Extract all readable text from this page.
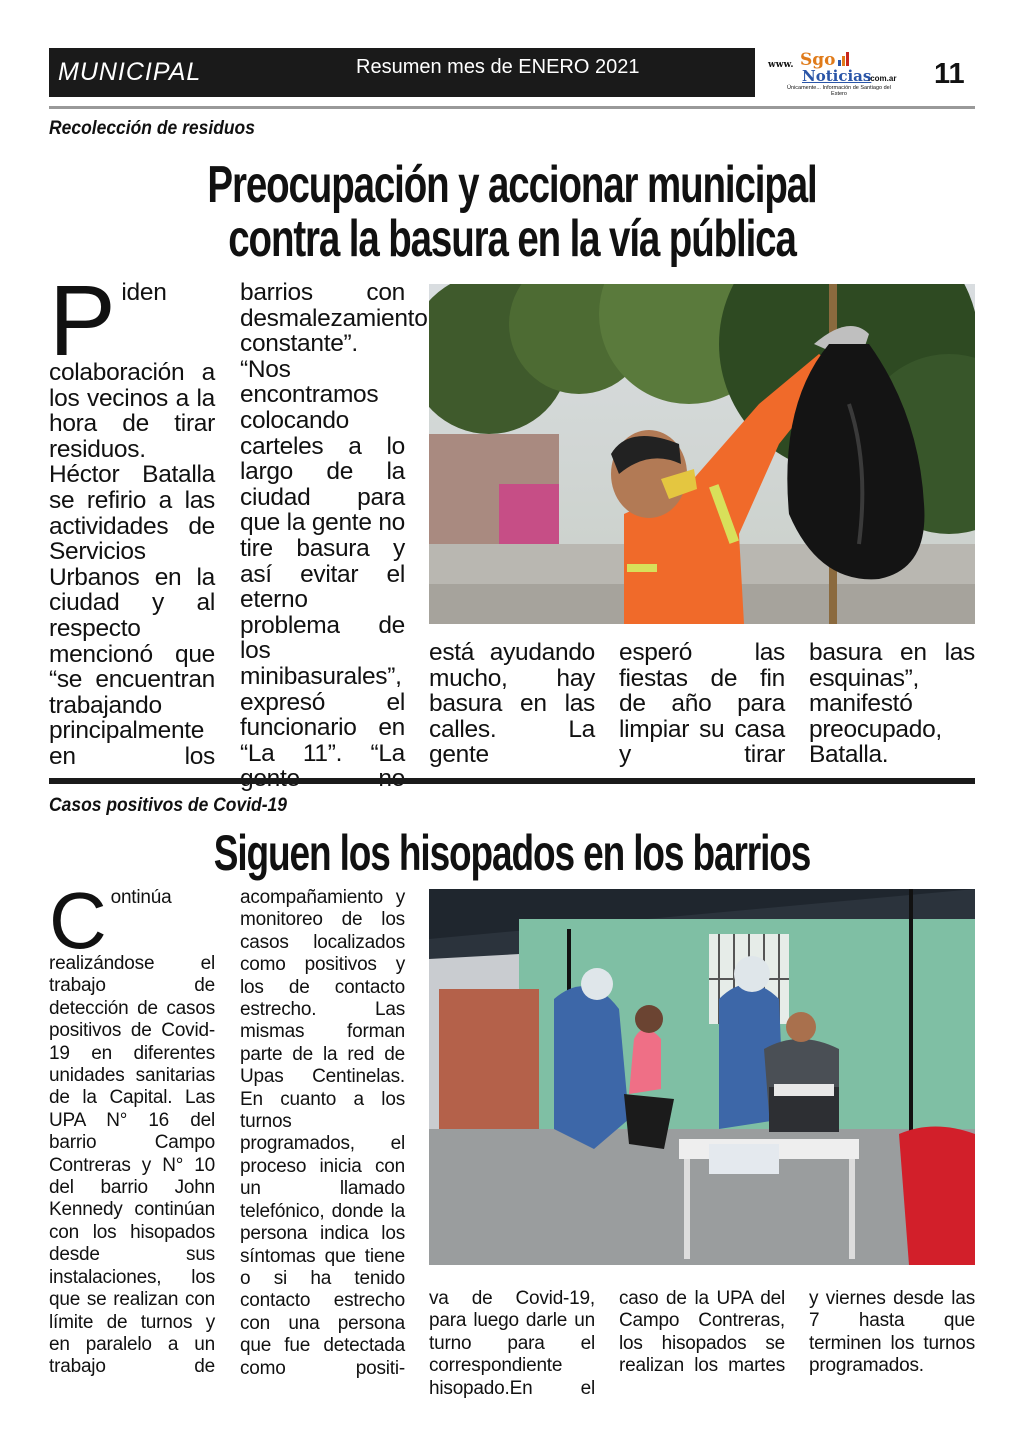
MUNICIPAL	Resumen mes de ENERO 2021	www. Sgo
Noticias
.com.ar
Únicamente... Información de Santiago del Estero
11
Recolección de residuos
Preocupación y accionar municipal
contra la basura en la vía pública
P iden colaboración a los vecinos a la hora de tirar residuos. Héctor Batalla se refirio a las actividades de Servicios Urbanos en la ciudad y al respecto mencionó que “se encuentran trabajando principalmente en los
barrios con desmalezamiento constante”. “Nos encontramos colocando carteles a lo largo de la ciudad para que la gente no tire basura y así evitar el eterno problema de los minibasurales”, expresó el funcionario en “La 11”. “La
está ayudando mucho, hay basura en las calles. La gente
esperó las fiestas de fin de año para limpiar su casa y tirar
basura en las esquinas”, manifestó preocupado, Batalla.
Casos positivos de Covid-19
Siguen los hisopados en los barrios
C ontinúa realizándose el trabajo de detección de casos positivos de Covid-19 en diferentes unidades sanitarias de la Capital. Las UPA N° 16 del barrio Campo Contreras y N° 10 del barrio John Kennedy continúan con los hisopados desde sus instalaciones, los que se realizan con límite de turnos y en paralelo a un trabajo de
acompañamiento y monitoreo de los casos localizados como positivos y los de contacto estrecho. Las mismas forman parte de la red de Upas Centinelas. En cuanto a los turnos programados, el proceso inicia con un llamado telefónico, donde la persona indica los síntomas que tiene o si ha tenido contacto estrecho con una persona que fue detectada como positi-
va de Covid-19, para luego darle un turno para el correspondiente hisopado.En el
caso de la UPA del Campo Contreras, los hisopados se realizan los martes
y viernes desde las 7 hasta que terminen los turnos programados.
